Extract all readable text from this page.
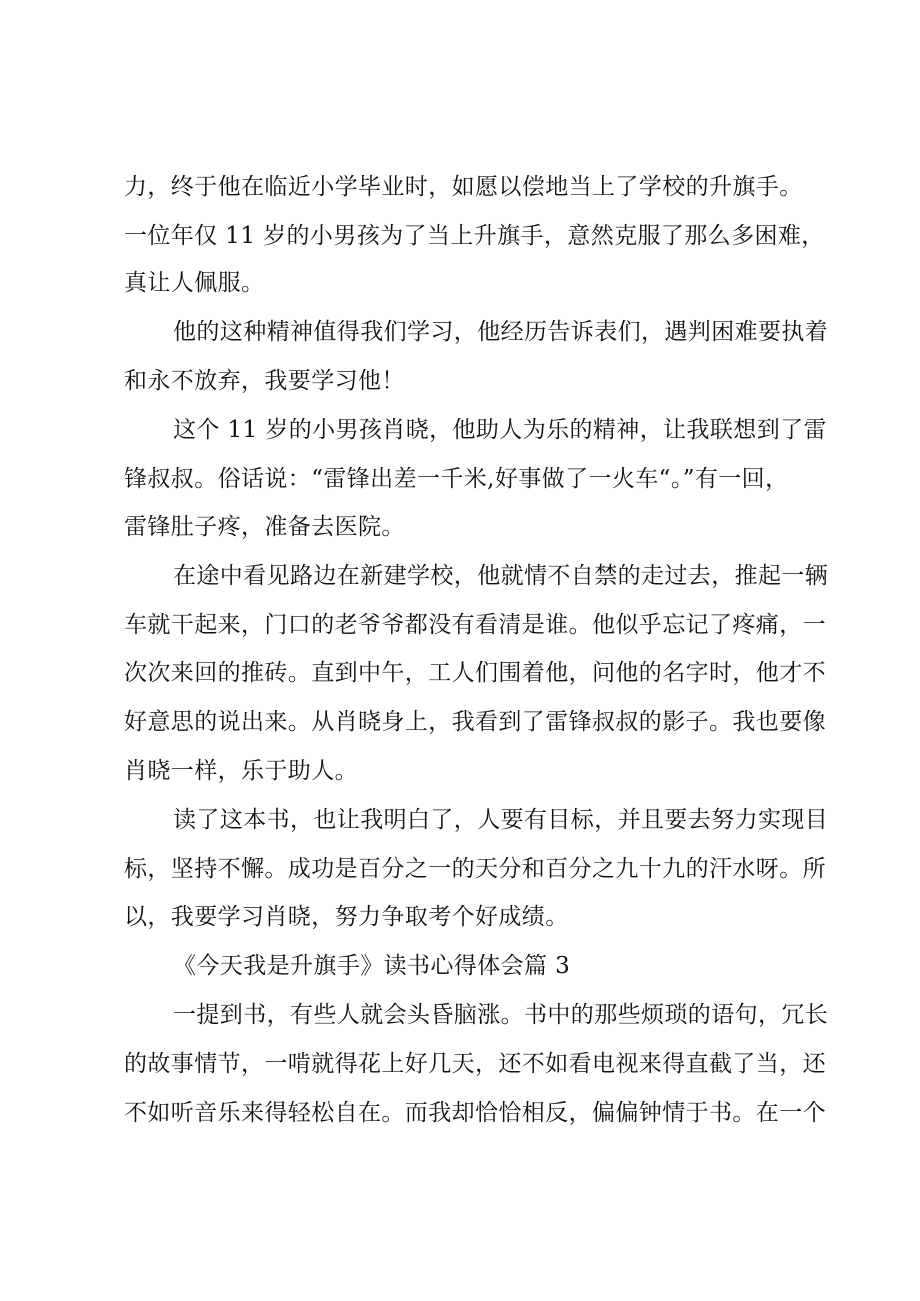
力，终于他在临近小学毕业时，如愿以偿地当上了学校的升旗手。

一位年仅 11 岁的小男孩为了当上升旗手，意然克服了那么多困难，

真让人佩服。

他的这种精神值得我们学习，他经历告诉表们，遇判困难要执着

和永不放弃，我要学习他！

这个 11 岁的小男孩肖晓，他助人为乐的精神，让我联想到了雷

锋叔叔。俗话说：“雷锋出差一千米,好事做了一火车“。”有一回，

雷锋肚子疼，准备去医院。

在途中看见路边在新建学校，他就情不自禁的走过去，推起一辆

车就干起来，门口的老爷爷都没有看清是谁。他似乎忘记了疼痛，一

次次来回的推砖。直到中午，工人们围着他，问他的名字时，他才不

好意思的说出来。从肖晓身上，我看到了雷锋叔叔的影子。我也要像

肖晓一样，乐于助人。

读了这本书，也让我明白了，人要有目标，并且要去努力实现目

标，坚持不懈。成功是百分之一的天分和百分之九十九的汗水呀。所

以，我要学习肖晓，努力争取考个好成绩。

《今天我是升旗手》读书心得体会篇 3

一提到书，有些人就会头昏脑涨。书中的那些烦琐的语句，冗长

的故事情节，一啃就得花上好几天，还不如看电视来得直截了当，还

不如听音乐来得轻松自在。而我却恰恰相反，偏偏钟情于书。在一个
